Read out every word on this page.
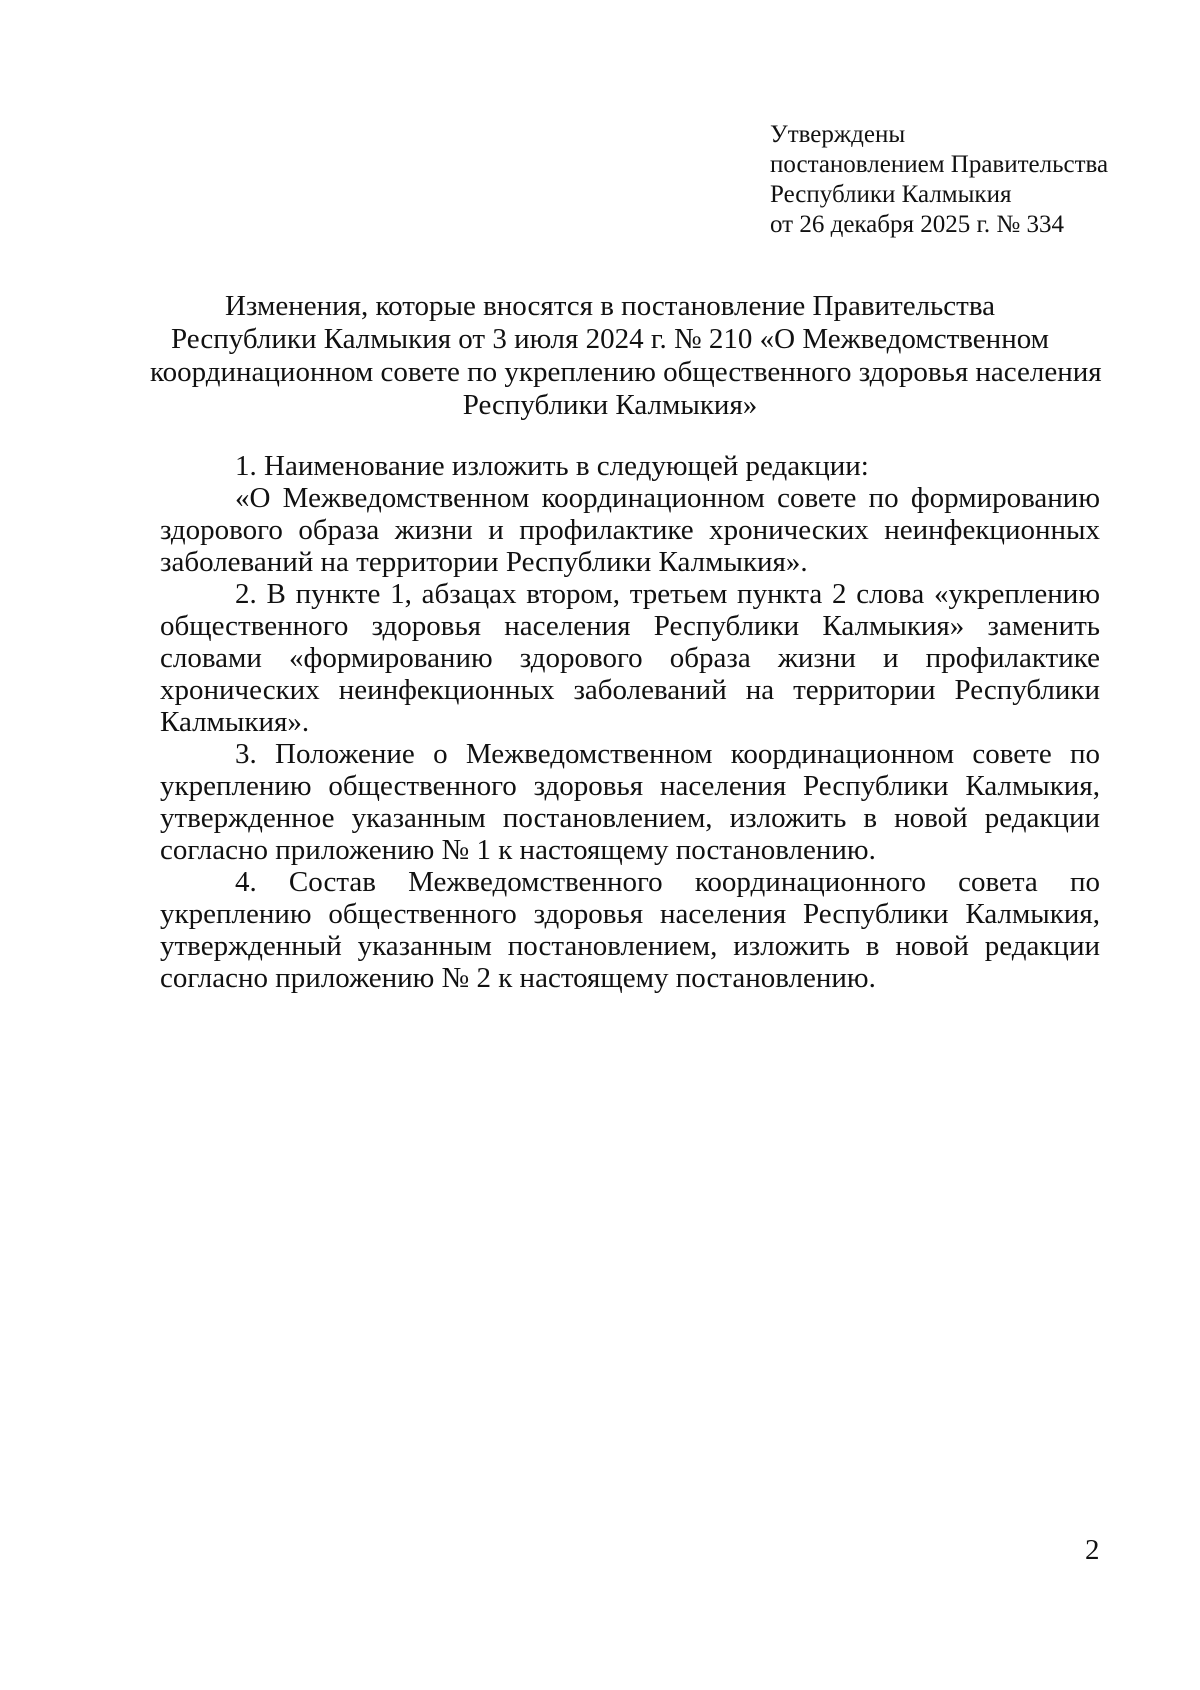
Утверждены
постановлением Правительства
Республики Калмыкия
от 26 декабря 2025 г. № 334
Изменения, которые вносятся в постановление Правительства
Республики Калмыкия от 3 июля 2024 г. № 210 «О Межведомственном
координационном совете по укреплению общественного здоровья населения
Республики Калмыкия»

1. Наименование изложить в следующей редакции:

«О Межведомственном координационном совете по формированию здорового образа жизни и профилактике хронических неинфекционных заболеваний на территории Республики Калмыкия».

2. В пункте 1, абзацах втором, третьем пункта 2 слова «укреплению общественного здоровья населения Республики Калмыкия» заменить словами «формированию здорового образа жизни и профилактике хронических неинфекционных заболеваний на территории Республики Калмыкия».

3. Положение о Межведомственном координационном совете по укреплению общественного здоровья населения Республики Калмыкия, утвержденное указанным постановлением, изложить в новой редакции согласно приложению № 1 к настоящему постановлению.

4. Состав Межведомственного координационного совета по укреплению общественного здоровья населения Республики Калмыкия, утвержденный указанным постановлением, изложить в новой редакции согласно приложению № 2 к настоящему постановлению.

2
